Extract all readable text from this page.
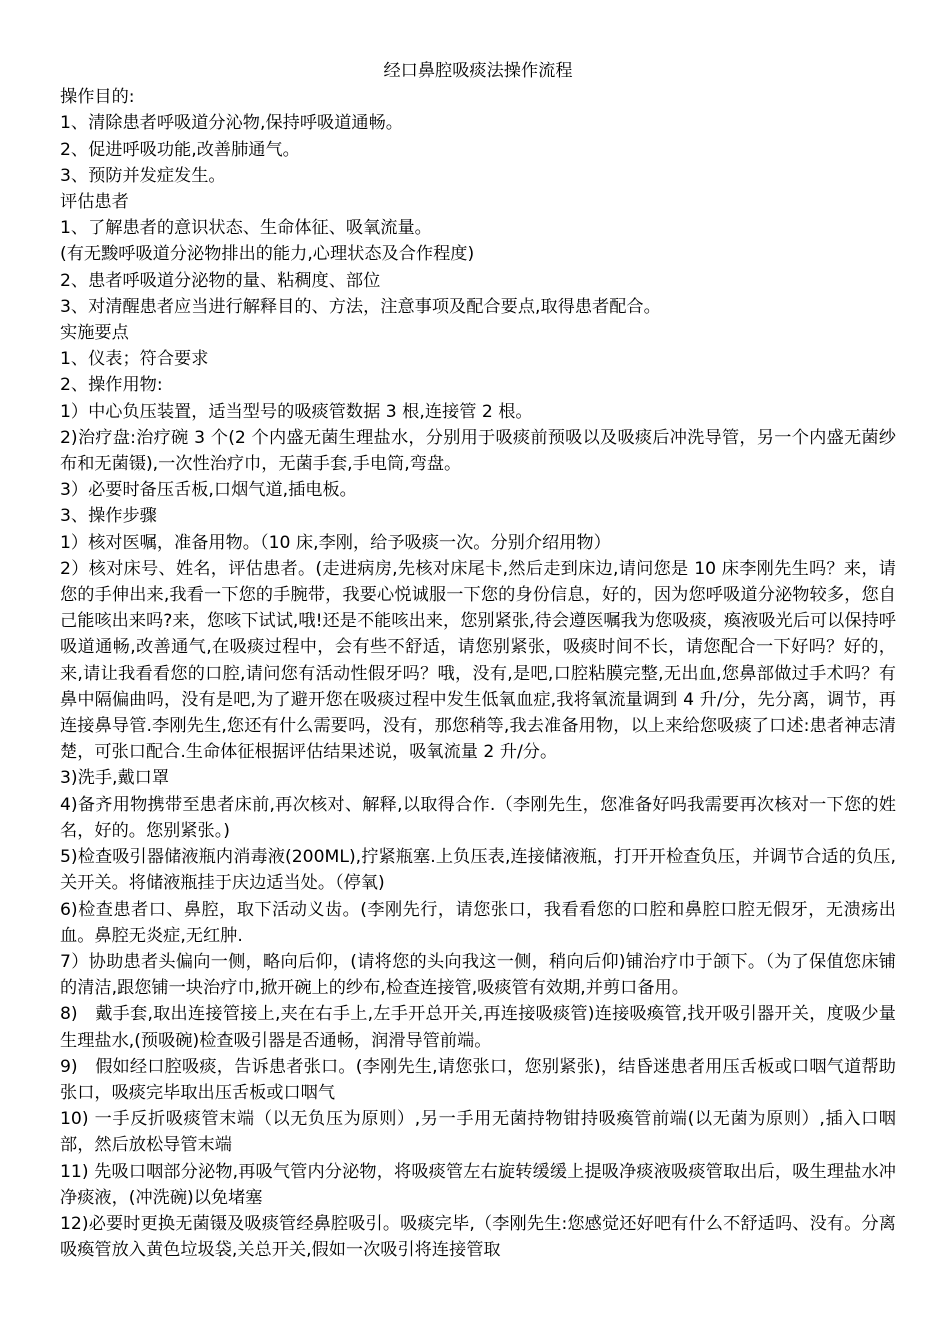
经口鼻腔吸痰法操作流程
操作目的:
1、清除患者呼吸道分沁物,保持呼吸道通畅。
2、促进呼吸功能,改善肺通气。
3、预防并发症发生。
评估患者
1、了解患者的意识状态、生命体征、吸氧流量。
(有无黢呼吸道分泌物排出的能力,心理状态及合作程度)
2、患者呼吸道分泌物的量、粘稠度、部位
3、对清醒患者应当进行解释目的、方法，注意事项及配合要点,取得患者配合。
实施要点
1、仪表；符合要求
2、操作用物:
1）中心负压装置，适当型号的吸痰管数据 3 根,连接管 2 根。
2)治疗盘:治疗碗 3 个(2 个内盛无菌生理盐水，分别用于吸痰前预吸以及吸痰后冲洗导管，另一个内盛无菌纱布和无菌镊),一次性治疗巾，无菌手套,手电筒,弯盘。
3）必要时备压舌板,口烟气道,插电板。
3、操作步骤
1）核对医嘱，准备用物。（10 床,李刚，给予吸痰一次。分别介绍用物）
2）核对床号、姓名，评估患者。(走进病房,先核对床尾卡,然后走到床边,请问您是 10 床李刚先生吗？来，请您的手伸出来,我看一下您的手腕带，我要心悦诚服一下您的身份信息，好的，因为您呼吸道分泌物较多，您自己能咳出来吗?来，您咳下试试,哦!还是不能咳出来，您别紧张,待会遵医嘱我为您吸痰，瘓液吸光后可以保持呼吸道通畅,改善通气,在吸痰过程中，会有些不舒适，请您别紧张，吸痰时间不长，请您配合一下好吗？好的，来,请让我看看您的口腔,请问您有活动性假牙吗？哦，没有,是吧,口腔粘膜完整,无出血,您鼻部做过手术吗？有鼻中隔偏曲吗，没有是吧,为了避开您在吸痰过程中发生低氧血症,我将氧流量调到 4 升/分，先分离，调节，再连接鼻导管.李刚先生,您还有什么需要吗，没有，那您稍等,我去准备用物，以上来给您吸痰了口述:患者神志清楚，可张口配合.生命体征根据评估结果述说，吸氧流量 2 升/分。
3)洗手,戴口罩
4)备齐用物携带至患者床前,再次核对、解释,以取得合作.（李刚先生，您准备好吗我需要再次核对一下您的姓名，好的。您别紧张。)
5)检查吸引器储液瓶内消毒液(200ML),拧紧瓶塞.上负压表,连接储液瓶，打开开检查负压，并调节合适的负压,关开关。将储液瓶挂于庆边适当处。（停氧)
6)检查患者口、鼻腔，取下活动义齿。(李刚先行，请您张口，我看看您的口腔和鼻腔口腔无假牙，无溃疡出血。鼻腔无炎症,无红肿.
7）协助患者头偏向一侧，略向后仰，(请将您的头向我这一侧，稍向后仰)铺治疗巾于颌下。（为了保值您床铺的清洁,跟您铺一块治疗巾,掀开碗上的纱布,检查连接管,吸痰管有效期,并剪口备用。
8)　戴手套,取出连接管接上,夹在右手上,左手开总开关,再连接吸痰管)连接吸瘓管,找开吸引器开关，度吸少量生理盐水,(预吸碗)检查吸引器是否通畅，润滑导管前端。
9)　假如经口腔吸痰，告诉患者张口。(李刚先生,请您张口，您别紧张)，结昏迷患者用压舌板或口咽气道帮助张口，吸痰完毕取出压舌板或口咽气
10) 一手反折吸痰管末端（以无负压为原则）,另一手用无菌持物钳持吸瘓管前端(以无菌为原则）,插入口咽部，然后放松导管末端
11) 先吸口咽部分泌物,再吸气管内分泌物，将吸痰管左右旋转缓缓上提吸净痰液吸痰管取出后，吸生理盐水冲净痰液，(冲洗碗)以免堵塞
12)必要时更换无菌镊及吸痰管经鼻腔吸引。吸痰完毕,（李刚先生:您感觉还好吧有什么不舒适吗、没有。分离吸瘓管放入黄色垃圾袋,关总开关,假如一次吸引将连接管取
